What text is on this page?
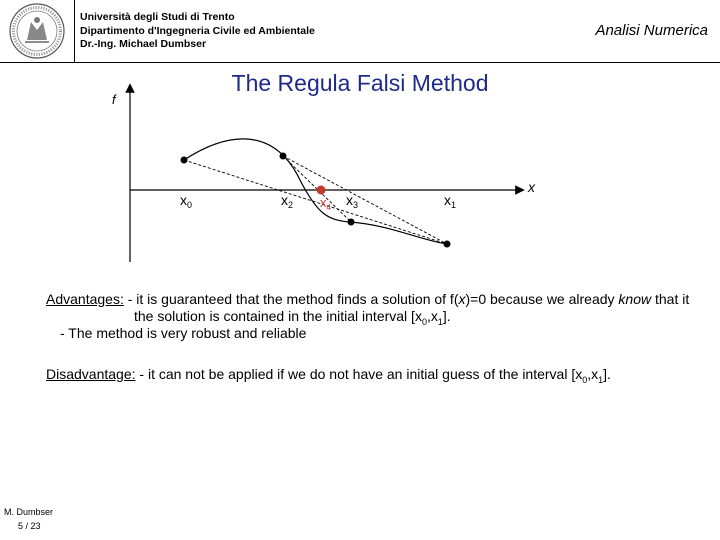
Università degli Studi di Trento
Dipartimento d'Ingegneria Civile ed Ambientale
Dr.-Ing. Michael Dumbser
Analisi Numerica
The Regula Falsi Method
f
x
$x_0$	$x_2$ $x_4$ $x_3$	$x_1$
Advantages: - it is guaranteed that the method finds a solution of f(x)=0 because we already know that it
the solution is contained in the initial interval $[x_0,x_1]$.
- The method is very robust and reliable
Disadvantage: - it can not be applied if we do not have an initial guess of the interval $[x_0,x_1]$.
M. Dumbser
5 / 23
